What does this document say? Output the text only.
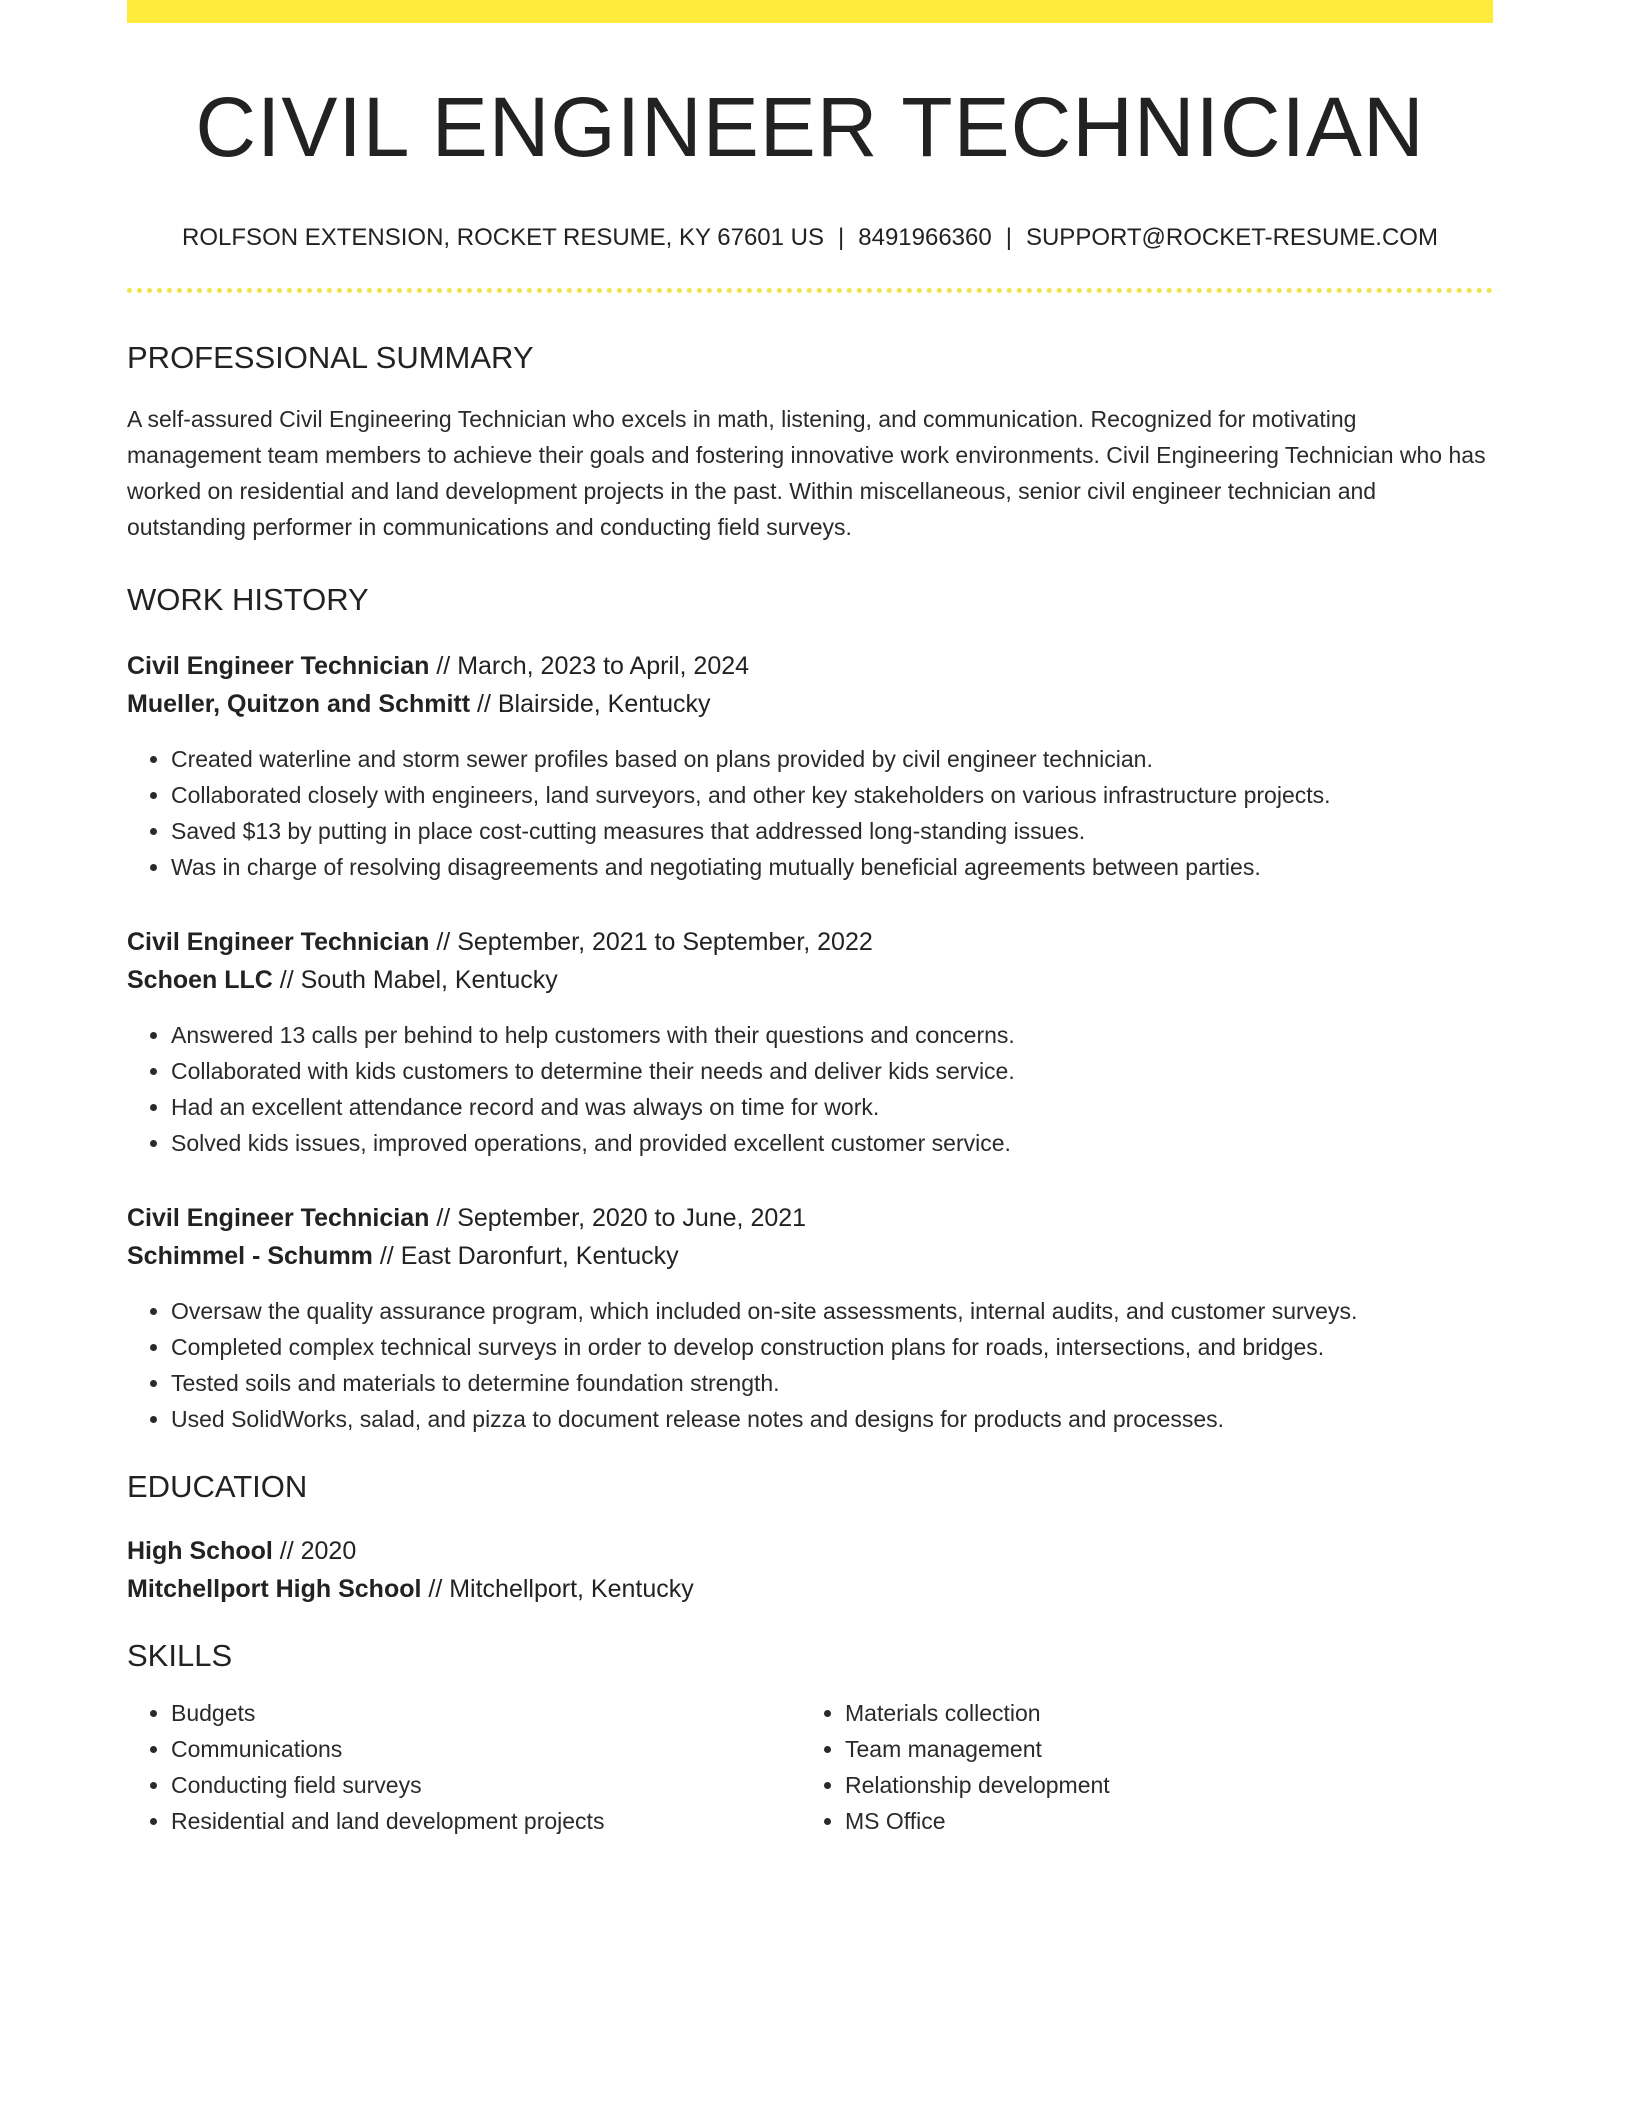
CIVIL ENGINEER TECHNICIAN
ROLFSON EXTENSION, ROCKET RESUME, KY 67601 US | 8491966360 | SUPPORT@ROCKET-RESUME.COM
PROFESSIONAL SUMMARY

A self-assured Civil Engineering Technician who excels in math, listening, and communication. Recognized for motivating management team members to achieve their goals and fostering innovative work environments. Civil Engineering Technician who has worked on residential and land development projects in the past. Within miscellaneous, senior civil engineer technician and outstanding performer in communications and conducting field surveys.

WORK HISTORY
Civil Engineer Technician // March, 2023 to April, 2024
Mueller, Quitzon and Schmitt // Blairside, Kentucky
• Created waterline and storm sewer profiles based on plans provided by civil engineer technician.
• Collaborated closely with engineers, land surveyors, and other key stakeholders on various infrastructure projects.
• Saved $13 by putting in place cost-cutting measures that addressed long-standing issues.
• Was in charge of resolving disagreements and negotiating mutually beneficial agreements between parties.
Civil Engineer Technician // September, 2021 to September, 2022
Schoen LLC // South Mabel, Kentucky
• Answered 13 calls per behind to help customers with their questions and concerns.
• Collaborated with kids customers to determine their needs and deliver kids service.
• Had an excellent attendance record and was always on time for work.
• Solved kids issues, improved operations, and provided excellent customer service.
Civil Engineer Technician // September, 2020 to June, 2021
Schimmel - Schumm // East Daronfurt, Kentucky
• Oversaw the quality assurance program, which included on-site assessments, internal audits, and customer surveys.
• Completed complex technical surveys in order to develop construction plans for roads, intersections, and bridges.
• Tested soils and materials to determine foundation strength.
• Used SolidWorks, salad, and pizza to document release notes and designs for products and processes.
EDUCATION
High School // 2020
Mitchellport High School // Mitchellport, Kentucky
SKILLS
• Budgets
• Communications
• Conducting field surveys
• Residential and land development projects
• Materials collection
• Team management
• Relationship development
• MS Office
